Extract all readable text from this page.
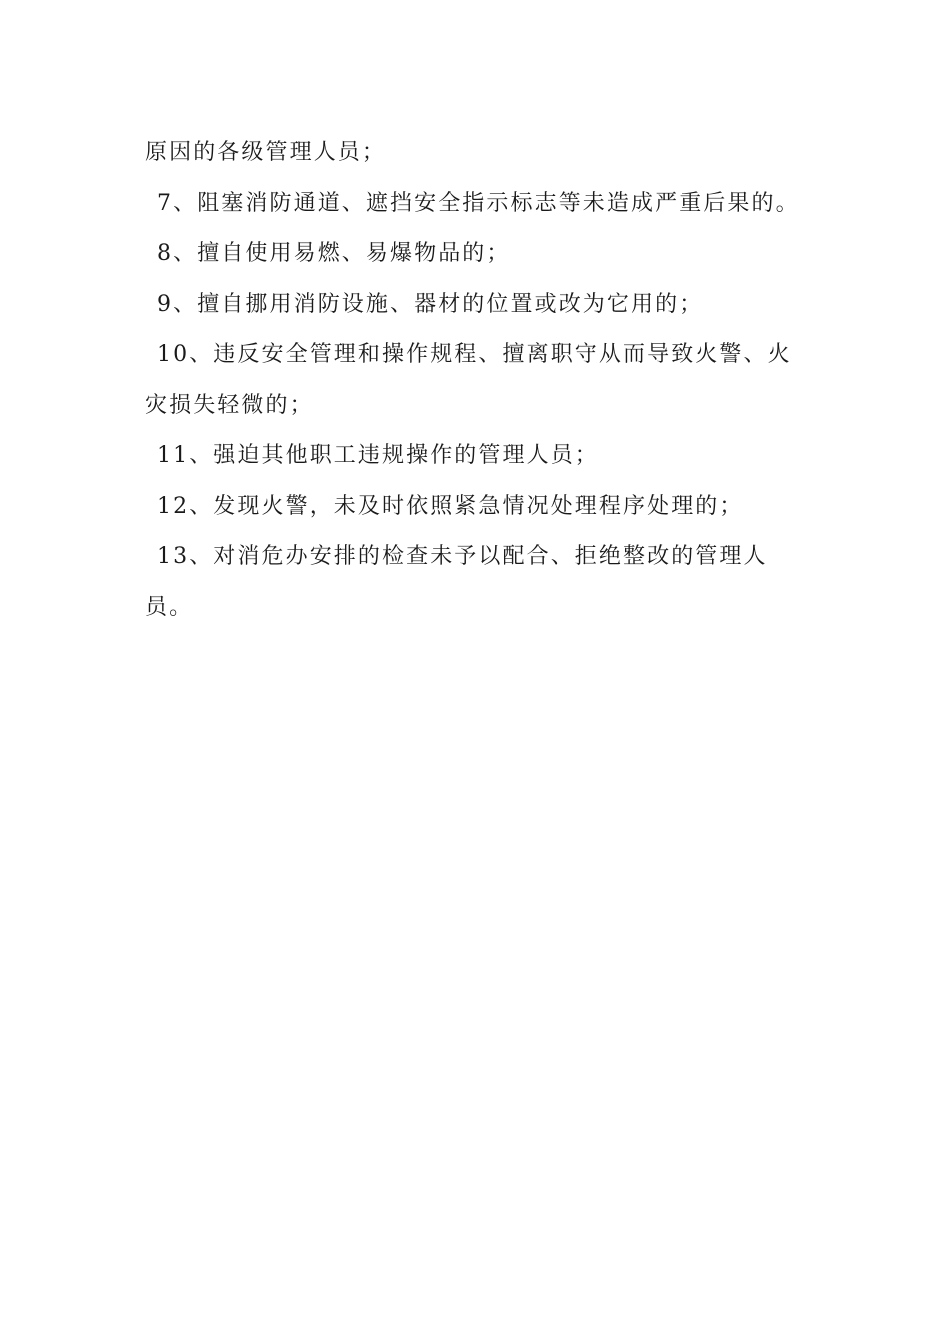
原因的各级管理人员；

7、阻塞消防通道、遮挡安全指示标志等未造成严重后果的。

8、擅自使用易燃、易爆物品的；

9、擅自挪用消防设施、器材的位置或改为它用的；

10、违反安全管理和操作规程、擅离职守从而导致火警、火灾损失轻微的；

11、强迫其他职工违规操作的管理人员；

12、发现火警，未及时依照紧急情况处理程序处理的；

13、对消危办安排的检查未予以配合、拒绝整改的管理人员。
